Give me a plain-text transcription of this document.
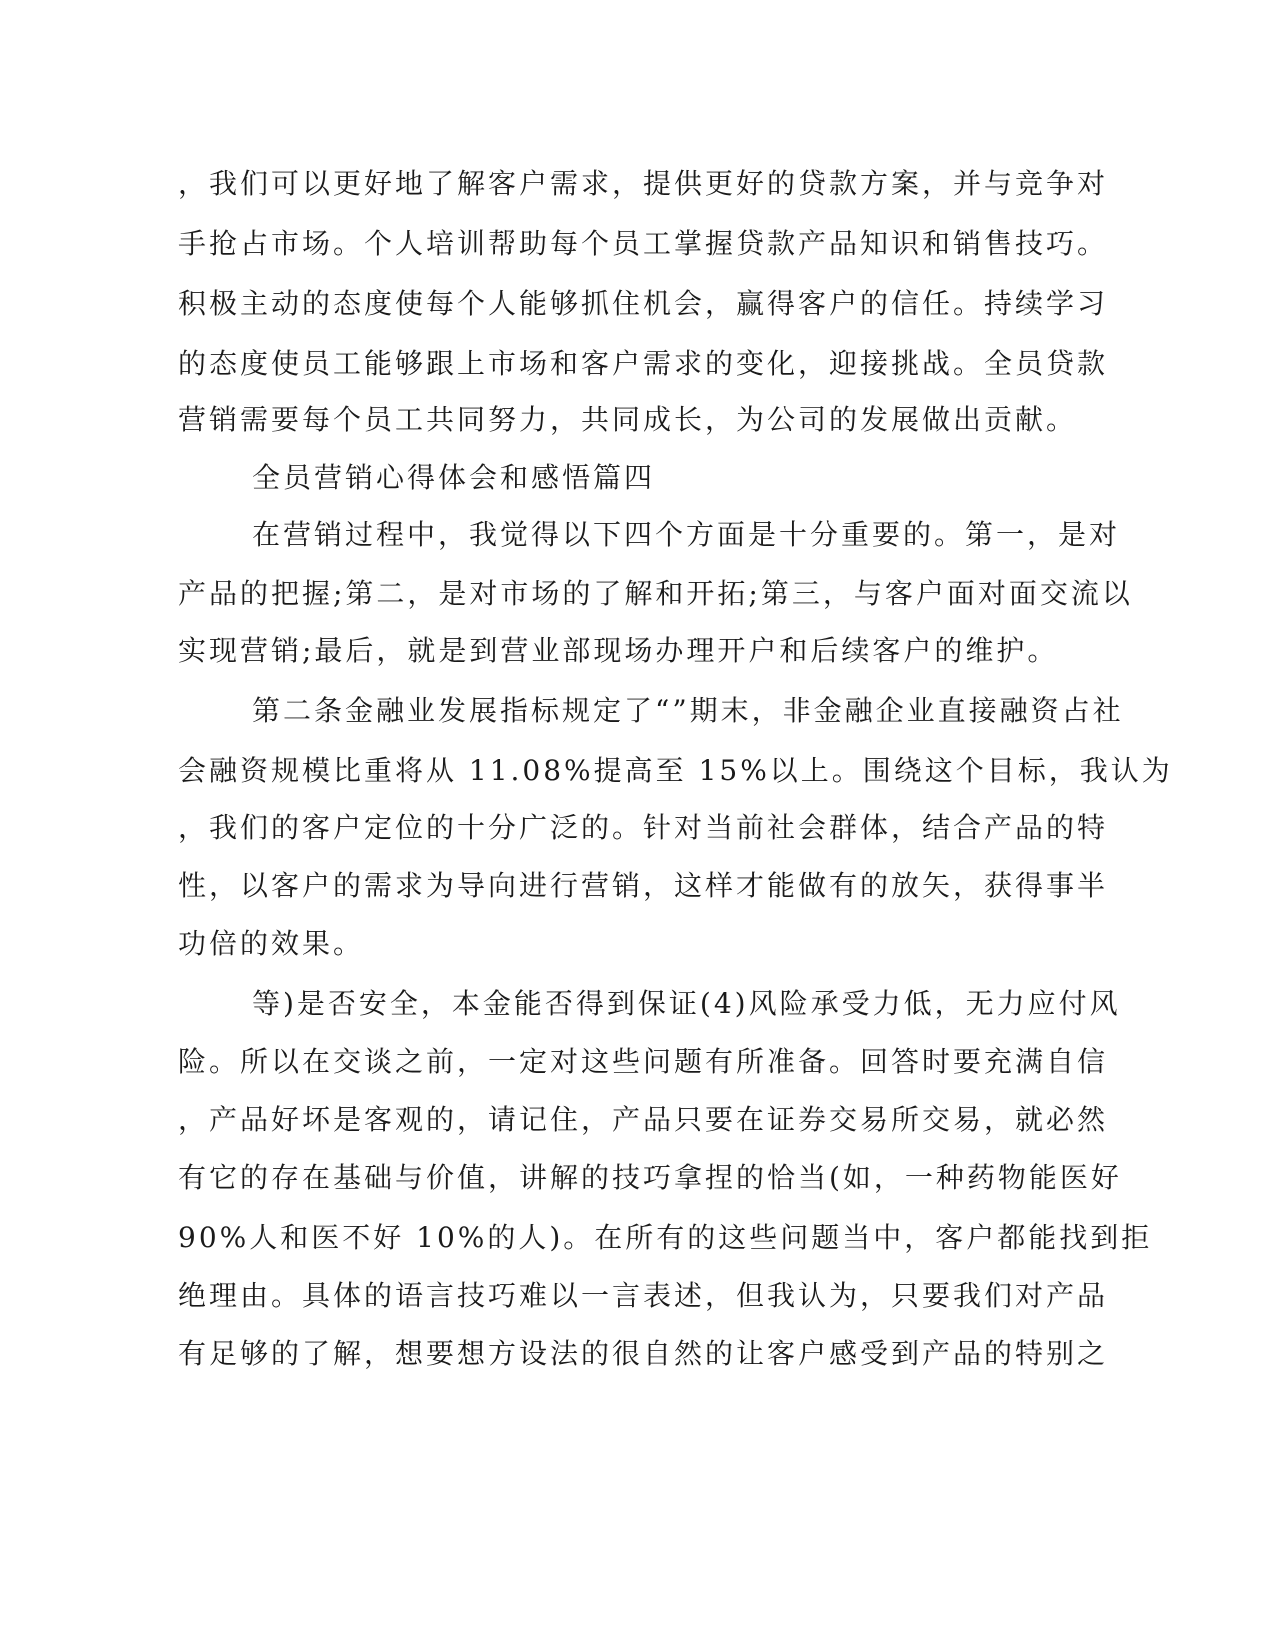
，我们可以更好地了解客户需求，提供更好的贷款方案，并与竞争对
手抢占市场。个人培训帮助每个员工掌握贷款产品知识和销售技巧。
积极主动的态度使每个人能够抓住机会，赢得客户的信任。持续学习
的态度使员工能够跟上市场和客户需求的变化，迎接挑战。全员贷款
营销需要每个员工共同努力，共同成长，为公司的发展做出贡献。
全员营销心得体会和感悟篇四
在营销过程中，我觉得以下四个方面是十分重要的。第一，是对
产品的把握;第二，是对市场的了解和开拓;第三，与客户面对面交流以
实现营销;最后，就是到营业部现场办理开户和后续客户的维护。
第二条金融业发展指标规定了“”期末，非金融企业直接融资占社
会融资规模比重将从 11.08%提高至 15%以上。围绕这个目标，我认为
，我们的客户定位的十分广泛的。针对当前社会群体，结合产品的特
性，以客户的需求为导向进行营销，这样才能做有的放矢，获得事半
功倍的效果。
等)是否安全，本金能否得到保证(4)风险承受力低，无力应付风
险。所以在交谈之前，一定对这些问题有所准备。回答时要充满自信
，产品好坏是客观的，请记住，产品只要在证券交易所交易，就必然
有它的存在基础与价值，讲解的技巧拿捏的恰当(如，一种药物能医好
90%人和医不好 10%的人)。在所有的这些问题当中，客户都能找到拒
绝理由。具体的语言技巧难以一言表述，但我认为，只要我们对产品
有足够的了解，想要想方设法的很自然的让客户感受到产品的特别之
